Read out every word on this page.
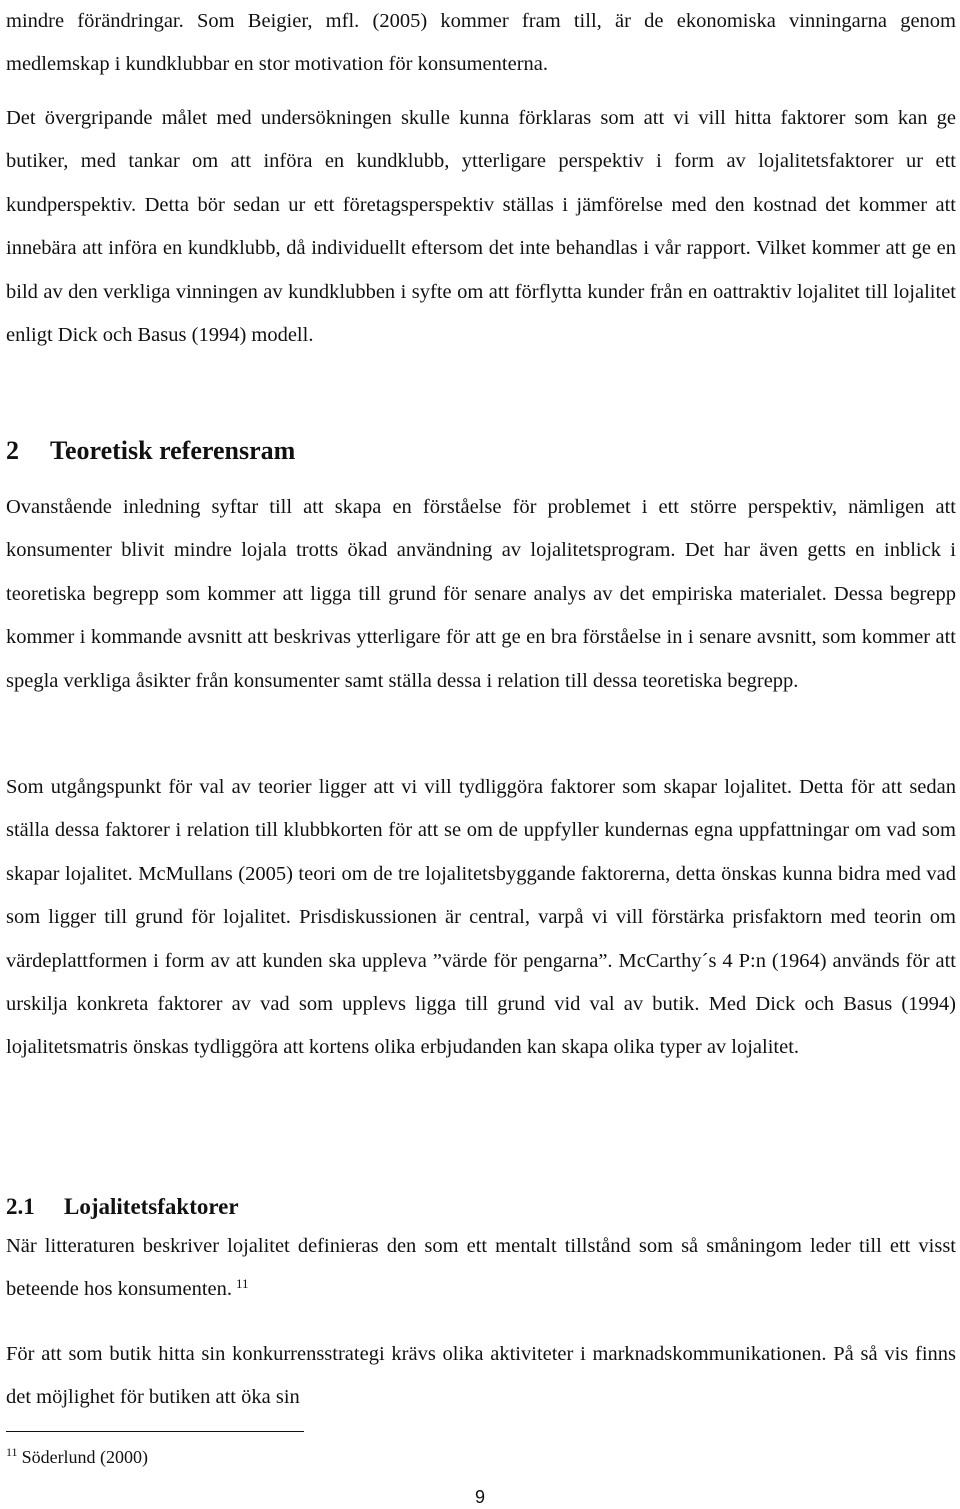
mindre förändringar. Som Beigier, mfl. (2005) kommer fram till, är de ekonomiska vinningarna genom medlemskap i kundklubbar en stor motivation för konsumenterna.

Det övergripande målet med undersökningen skulle kunna förklaras som att vi vill hitta faktorer som kan ge butiker, med tankar om att införa en kundklubb, ytterligare perspektiv i form av lojalitetsfaktorer ur ett kundperspektiv. Detta bör sedan ur ett företagsperspektiv ställas i jämförelse med den kostnad det kommer att innebära att införa en kundklubb, då individuellt eftersom det inte behandlas i vår rapport. Vilket kommer att ge en bild av den verkliga vinningen av kundklubben i syfte om att förflytta kunder från en oattraktiv lojalitet till lojalitet enligt Dick och Basus (1994) modell.

2 Teoretisk referensram

Ovanstående inledning syftar till att skapa en förståelse för problemet i ett större perspektiv, nämligen att konsumenter blivit mindre lojala trotts ökad användning av lojalitetsprogram. Det har även getts en inblick i teoretiska begrepp som kommer att ligga till grund för senare analys av det empiriska materialet. Dessa begrepp kommer i kommande avsnitt att beskrivas ytterligare för att ge en bra förståelse in i senare avsnitt, som kommer att spegla verkliga åsikter från konsumenter samt ställa dessa i relation till dessa teoretiska begrepp.

Som utgångspunkt för val av teorier ligger att vi vill tydliggöra faktorer som skapar lojalitet. Detta för att sedan ställa dessa faktorer i relation till klubbkorten för att se om de uppfyller kundernas egna uppfattningar om vad som skapar lojalitet. McMullans (2005) teori om de tre lojalitetsbyggande faktorerna, detta önskas kunna bidra med vad som ligger till grund för lojalitet. Prisdiskussionen är central, varpå vi vill förstärka prisfaktorn med teorin om värdeplattformen i form av att kunden ska uppleva ”värde för pengarna”. McCarthy´s 4 P:n (1964) används för att urskilja konkreta faktorer av vad som upplevs ligga till grund vid val av butik. Med Dick och Basus (1994) lojalitetsmatris önskas tydliggöra att kortens olika erbjudanden kan skapa olika typer av lojalitet.

2.1 Lojalitetsfaktorer

När litteraturen beskriver lojalitet definieras den som ett mentalt tillstånd som så småningom leder till ett visst beteende hos konsumenten. $^{11}$

För att som butik hitta sin konkurrensstrategi krävs olika aktiviteter i marknadskommunikationen. På så vis finns det möjlighet för butiken att öka sin

$^{11}$ Söderlund (2000)
9
